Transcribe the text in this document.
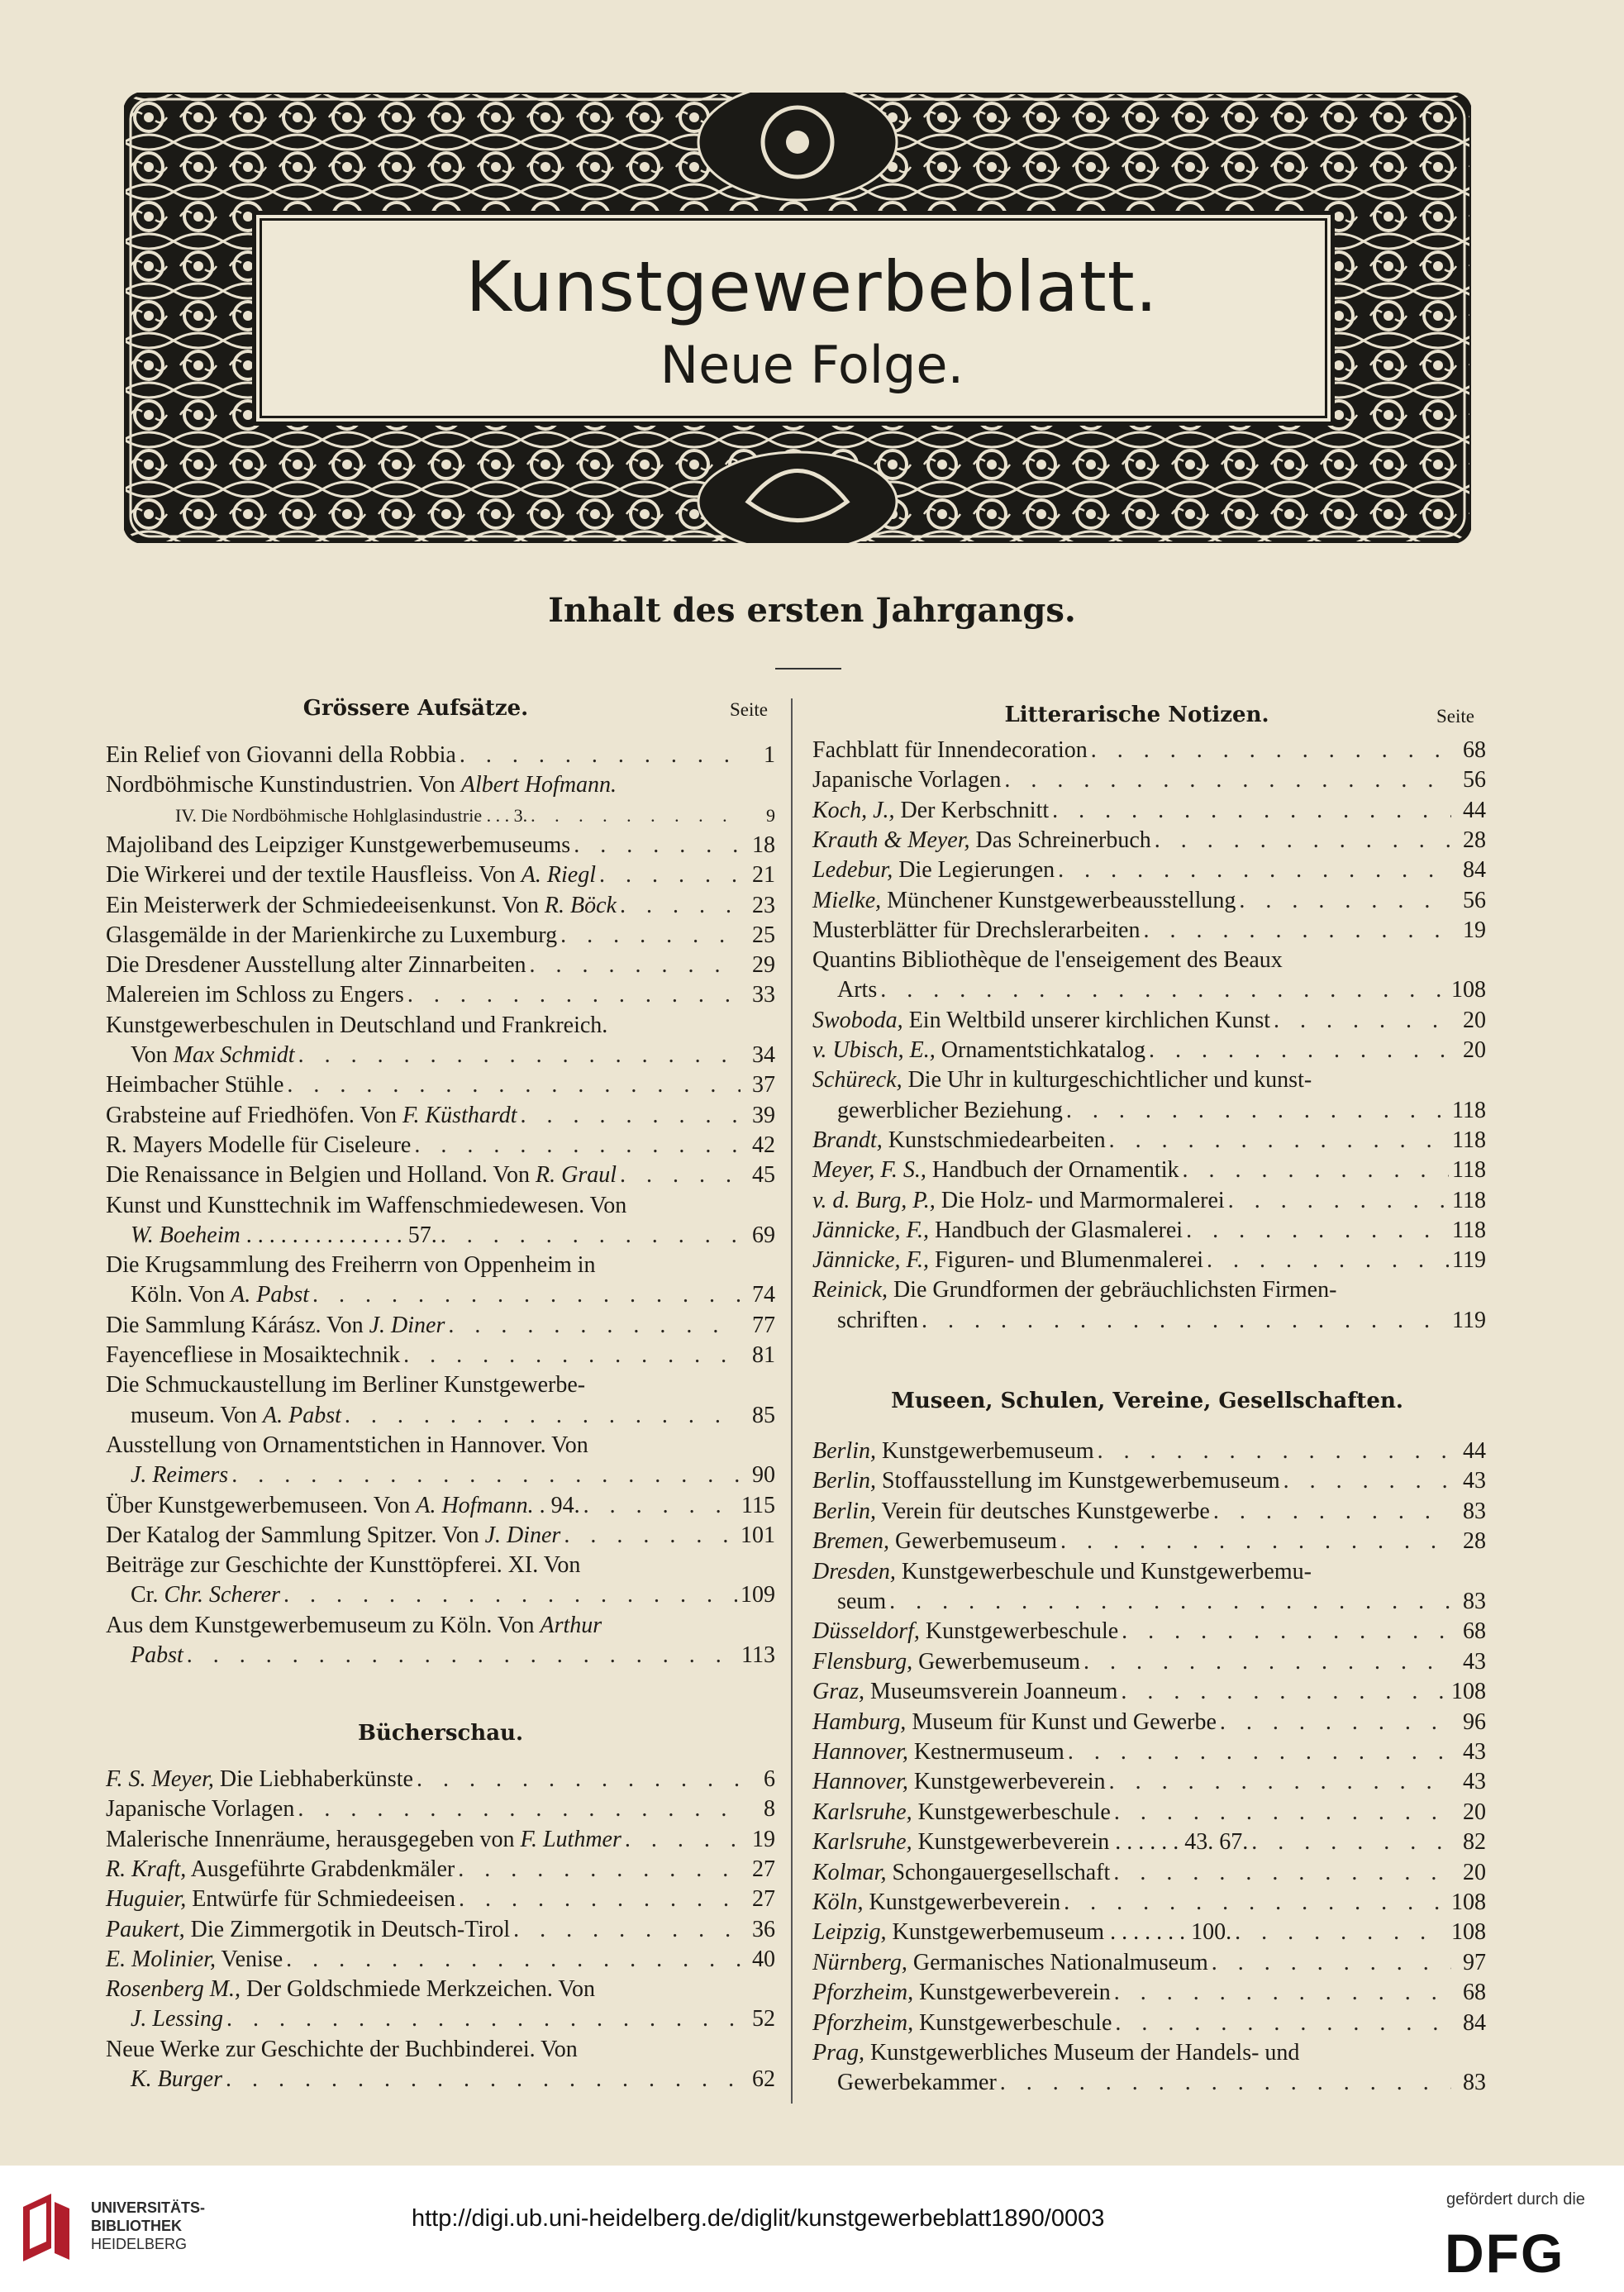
Kunstgewerbeblatt.
Neue Folge.
Inhalt des ersten Jahrgangs.
Grössere Aufsätze.	Seite
Ein Relief von Giovanni della Robbia . . .	1
Nordböhmische Kunstindustrien. Von Albert Hofmann.
IV. Die Nordböhmische Hohlglasindustrie . . . 3. . . .	9
Majoliband des Leipziger Kunstgewerbemuseums . . .	18
Die Wirkerei und der textile Hausfleiss. Von A. Riegl . . .	21
Ein Meisterwerk der Schmiedeeisenkunst. Von R. Böck . . .	23
Glasgemälde in der Marienkirche zu Luxemburg . . .	25
Die Dresdener Ausstellung alter Zinnarbeiten . . .	29
Malereien im Schloss zu Engers . . .	33
Kunstgewerbeschulen in Deutschland und Frankreich.
Von Max Schmidt . . .	34
Heimbacher Stühle . . .	37
Grabsteine auf Friedhöfen. Von F. Küsthardt . . .	39
R. Mayers Modelle für Ciseleure . . .	42
Die Renaissance in Belgien und Holland. Von R. Graul . . .	45
Kunst und Kunsttechnik im Waffenschmiedewesen. Von
W. Boeheim . . . . . . . . . . . . . . 57. . . .	69
Die Krugsammlung des Freiherrn von Oppenheim in
Köln. Von A. Pabst . . .	74
Die Sammlung Kárász. Von J. Diner . . .	77
Fayencefliese in Mosaiktechnik . . .	81
Die Schmuckaustellung im Berliner Kunstgewerbe-
museum. Von A. Pabst . . .	85
Ausstellung von Ornamentstichen in Hannover. Von
J. Reimers . . .	90
Über Kunstgewerbemuseen. Von A. Hofmann. . 94. . . .	115
Der Katalog der Sammlung Spitzer. Von J. Diner . . .	101
Beiträge zur Geschichte der Kunsttöpferei. XI. Von
Cr. Chr. Scherer . . .	109
Aus dem Kunstgewerbemuseum zu Köln. Von Arthur
Pabst . . .	113
Bücherschau.
F. S. Meyer, Die Liebhaberkünste . . .	6
Japanische Vorlagen . . .	8
Malerische Innenräume, herausgegeben von F. Luthmer . . .	19
R. Kraft, Ausgeführte Grabdenkmäler . . .	27
Huguier, Entwürfe für Schmiedeeisen . . .	27
Paukert, Die Zimmergotik in Deutsch-Tirol . . .	36
E. Molinier, Venise . . .	40
Rosenberg M., Der Goldschmiede Merkzeichen. Von
J. Lessing . . .	52
Neue Werke zur Geschichte der Buchbinderei. Von
K. Burger . . .	62
Litterarische Notizen.	Seite
Fachblatt für Innendecoration . . .	68
Japanische Vorlagen . . .	56
Koch, J., Der Kerbschnitt . . .	44
Krauth & Meyer, Das Schreinerbuch . . .	28
Ledebur, Die Legierungen . . .	84
Mielke, Münchener Kunstgewerbeausstellung . . .	56
Musterblätter für Drechslerarbeiten . . .	19
Quantins Bibliothèque de l'enseigement des Beaux
Arts . . .	108
Swoboda, Ein Weltbild unserer kirchlichen Kunst . . .	20
v. Ubisch, E., Ornamentstichkatalog . . .	20
Schüreck, Die Uhr in kulturgeschichtlicher und kunst-
gewerblicher Beziehung . . .	118
Brandt, Kunstschmiedearbeiten . . .	118
Meyer, F. S., Handbuch der Ornamentik . . .	118
v. d. Burg, P., Die Holz- und Marmormalerei . . .	118
Jännicke, F., Handbuch der Glasmalerei . . .	118
Jännicke, F., Figuren- und Blumenmalerei . . .	119
Reinick, Die Grundformen der gebräuchlichsten Firmen-
schriften . . .	119
Museen, Schulen, Vereine, Gesellschaften.
Berlin, Kunstgewerbemuseum . . .	44
Berlin, Stoffausstellung im Kunstgewerbemuseum . . .	43
Berlin, Verein für deutsches Kunstgewerbe . . .	83
Bremen, Gewerbemuseum . . .	28
Dresden, Kunstgewerbeschule und Kunstgewerbemu-
seum . . .	83
Düsseldorf, Kunstgewerbeschule . . .	68
Flensburg, Gewerbemuseum . . .	43
Graz, Museumsverein Joanneum . . .	108
Hamburg, Museum für Kunst und Gewerbe . . .	96
Hannover, Kestnermuseum . . .	43
Hannover, Kunstgewerbeverein . . .	43
Karlsruhe, Kunstgewerbeschule . . .	20
Karlsruhe, Kunstgewerbeverein . . . . . . 43. 67. . . .	82
Kolmar, Schongauergesellschaft . . .	20
Köln, Kunstgewerbeverein . . .	108
Leipzig, Kunstgewerbemuseum . . . . . . . 100. . . .	108
Nürnberg, Germanisches Nationalmuseum . . .	97
Pforzheim, Kunstgewerbeverein . . .	68
Pforzheim, Kunstgewerbeschule . . .	84
Prag, Kunstgewerbliches Museum der Handels- und
Gewerbekammer . . .	83
UNIVERSITÄTS-
BIBLIOTHEK
HEIDELBERG
http://digi.ub.uni-heidelberg.de/diglit/kunstgewerbeblatt1890/0003
gefördert durch die
DFG
